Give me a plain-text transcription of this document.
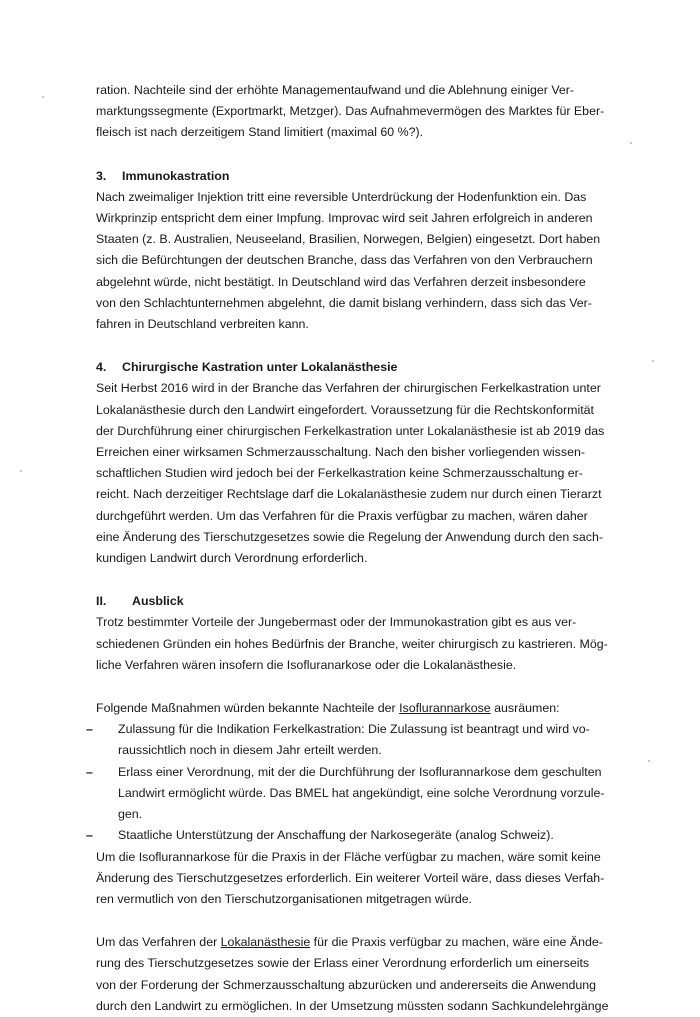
ration. Nachteile sind der erhöhte Managementaufwand und die Ablehnung einiger Ver-

marktungssegmente (Exportmarkt, Metzger). Das Aufnahmevermögen des Marktes für Eber-

fleisch ist nach derzeitigem Stand limitiert (maximal 60 %?).

3.	Immunokastration

Nach zweimaliger Injektion tritt eine reversible Unterdrückung der Hodenfunktion ein. Das

Wirkprinzip entspricht dem einer Impfung. Improvac wird seit Jahren erfolgreich in anderen

Staaten (z. B. Australien, Neuseeland, Brasilien, Norwegen, Belgien) eingesetzt. Dort haben

sich die Befürchtungen der deutschen Branche, dass das Verfahren von den Verbrauchern

abgelehnt würde, nicht bestätigt. In Deutschland wird das Verfahren derzeit insbesondere

von den Schlachtunternehmen abgelehnt, die damit bislang verhindern, dass sich das Ver-

fahren in Deutschland verbreiten kann.

4.	Chirurgische Kastration unter Lokalanästhesie

Seit Herbst 2016 wird in der Branche das Verfahren der chirurgischen Ferkelkastration unter

Lokalanästhesie durch den Landwirt eingefordert. Voraussetzung für die Rechtskonformität

der Durchführung einer chirurgischen Ferkelkastration unter Lokalanästhesie ist ab 2019 das

Erreichen einer wirksamen Schmerzausschaltung. Nach den bisher vorliegenden wissen-

schaftlichen Studien wird jedoch bei der Ferkelkastration keine Schmerzausschaltung er-

reicht. Nach derzeitiger Rechtslage darf die Lokalanästhesie zudem nur durch einen Tierarzt

durchgeführt werden. Um das Verfahren für die Praxis verfügbar zu machen, wären daher

eine Änderung des Tierschutzgesetzes sowie die Regelung der Anwendung durch den sach-

kundigen Landwirt durch Verordnung erforderlich.

II.	Ausblick

Trotz bestimmter Vorteile der Jungebermast oder der Immunokastration gibt es aus ver-

schiedenen Gründen ein hohes Bedürfnis der Branche, weiter chirurgisch zu kastrieren. Mög-

liche Verfahren wären insofern die Isofluranarkose oder die Lokalanästhesie.

Folgende Maßnahmen würden bekannte Nachteile der Isoflurannarkose ausräumen:

– Zulassung für die Indikation Ferkelkastration: Die Zulassung ist beantragt und wird vo-

raussichtlich noch in diesem Jahr erteilt werden.

– Erlass einer Verordnung, mit der die Durchführung der Isoflurannarkose dem geschulten

Landwirt ermöglicht würde. Das BMEL hat angekündigt, eine solche Verordnung vorzule-

gen.

– Staatliche Unterstützung der Anschaffung der Narkosegeräte (analog Schweiz).

Um die Isoflurannarkose für die Praxis in der Fläche verfügbar zu machen, wäre somit keine

Änderung des Tierschutzgesetzes erforderlich. Ein weiterer Vorteil wäre, dass dieses Verfah-

ren vermutlich von den Tierschutzorganisationen mitgetragen würde.

Um das Verfahren der Lokalanästhesie für die Praxis verfügbar zu machen, wäre eine Ände-

rung des Tierschutzgesetzes sowie der Erlass einer Verordnung erforderlich um einerseits

von der Forderung der Schmerzausschaltung abzurücken und andererseits die Anwendung

durch den Landwirt zu ermöglichen. In der Umsetzung müssten sodann Sachkundelehrgänge
